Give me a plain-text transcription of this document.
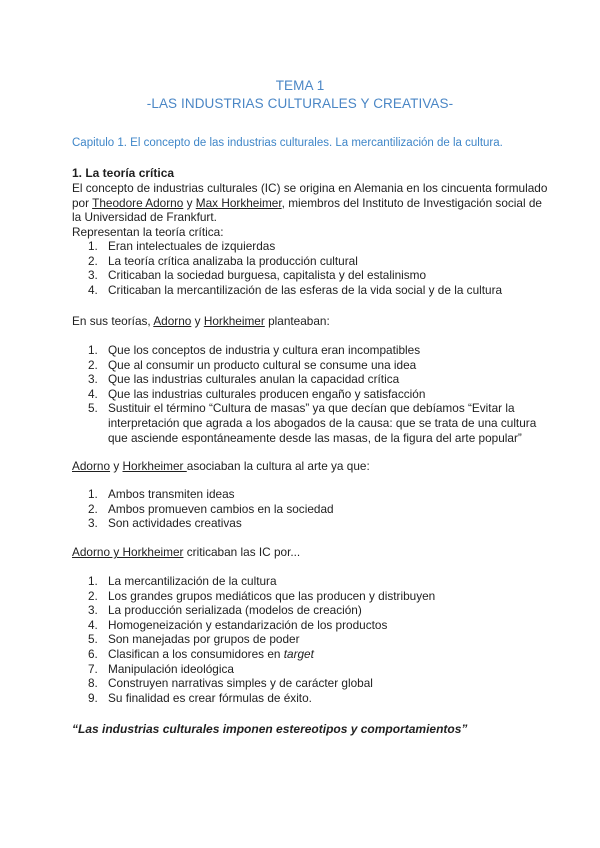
TEMA 1
-LAS INDUSTRIAS CULTURALES Y CREATIVAS-
Capitulo 1. El concepto de las industrias culturales. La mercantilización de la cultura.
1. La teoría crítica
El concepto de industrias culturales (IC) se origina en Alemania en los cincuenta formulado
por Theodore Adorno y Max Horkheimer, miembros del Instituto de Investigación social de
la Universidad de Frankfurt.
Representan la teoría crítica:
1. Eran intelectuales de izquierdas
2. La teoría crítica analizaba la producción cultural
3. Criticaban la sociedad burguesa, capitalista y del estalinismo
4. Criticaban la mercantilización de las esferas de la vida social y de la cultura
En sus teorías, Adorno y Horkheimer planteaban:
1. Que los conceptos de industria y cultura eran incompatibles
2. Que al consumir un producto cultural se consume una idea
3. Que las industrias culturales anulan la capacidad crítica
4. Que las industrias culturales producen engaño y satisfacción
5. Sustituir el término “Cultura de masas” ya que decían que debíamos “Evitar la
interpretación que agrada a los abogados de la causa: que se trata de una cultura
que asciende espontáneamente desde las masas, de la figura del arte popular”
Adorno y Horkheimer asociaban la cultura al arte ya que:
1. Ambos transmiten ideas
2. Ambos promueven cambios en la sociedad
3. Son actividades creativas
Adorno y Horkheimer criticaban las IC por...
1. La mercantilización de la cultura
2. Los grandes grupos mediáticos que las producen y distribuyen
3. La producción serializada (modelos de creación)
4. Homogeneización y estandarización de los productos
5. Son manejadas por grupos de poder
6. Clasifican a los consumidores en target
7. Manipulación ideológica
8. Construyen narrativas simples y de carácter global
9. Su finalidad es crear fórmulas de éxito.
“Las industrias culturales imponen estereotipos y comportamientos”
